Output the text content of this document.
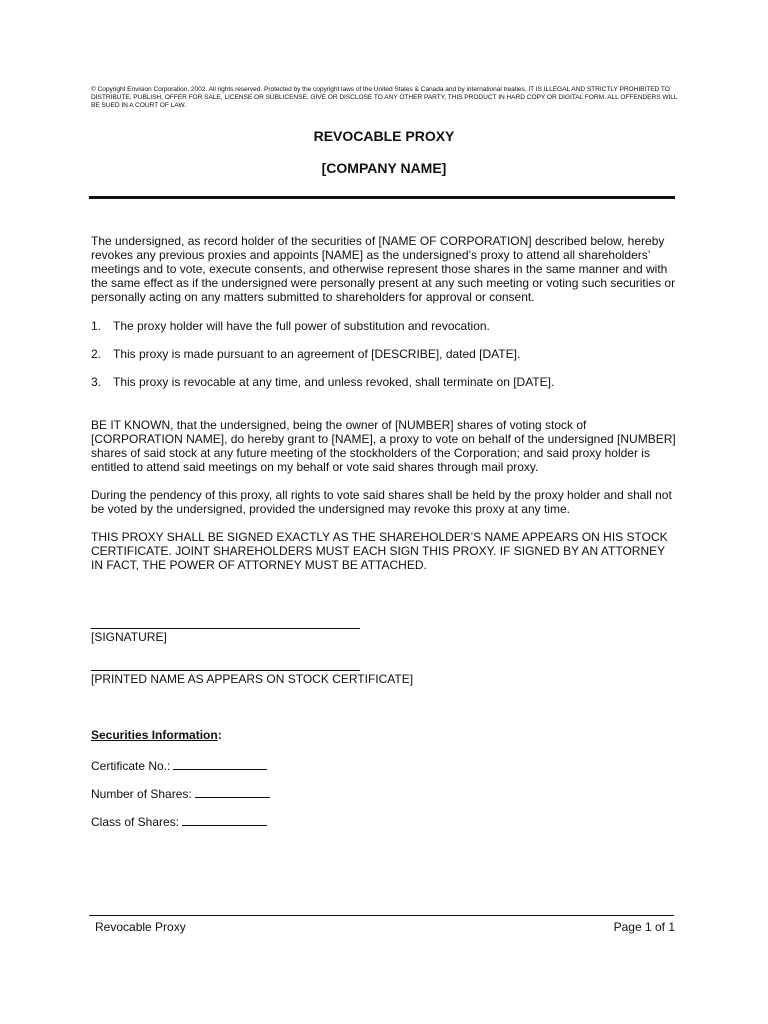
© Copyright Envision Corporation, 2002. All rights reserved. Protected by the copyright laws of the United States & Canada and by international treaties. IT IS ILLEGAL AND STRICTLY PROHIBITED TO DISTRIBUTE, PUBLISH, OFFER FOR SALE, LICENSE OR SUBLICENSE, GIVE OR DISCLOSE TO ANY OTHER PARTY, THIS PRODUCT IN HARD COPY OR DIGITAL FORM. ALL OFFENDERS WILL BE SUED IN A COURT OF LAW.
REVOCABLE PROXY
[COMPANY NAME]
The undersigned, as record holder of the securities of [NAME OF CORPORATION] described below, hereby revokes any previous proxies and appoints [NAME] as the undersigned’s proxy to attend all shareholders’ meetings and to vote, execute consents, and otherwise represent those shares in the same manner and with the same effect as if the undersigned were personally present at any such meeting or voting such securities or personally acting on any matters submitted to shareholders for approval or consent.
1. The proxy holder will have the full power of substitution and revocation.
2. This proxy is made pursuant to an agreement of [DESCRIBE], dated [DATE].
3. This proxy is revocable at any time, and unless revoked, shall terminate on [DATE].
BE IT KNOWN, that the undersigned, being the owner of [NUMBER] shares of voting stock of [CORPORATION NAME], do hereby grant to [NAME], a proxy to vote on behalf of the undersigned [NUMBER] shares of said stock at any future meeting of the stockholders of the Corporation; and said proxy holder is entitled to attend said meetings on my behalf or vote said shares through mail proxy.
During the pendency of this proxy, all rights to vote said shares shall be held by the proxy holder and shall not be voted by the undersigned, provided the undersigned may revoke this proxy at any time.
THIS PROXY SHALL BE SIGNED EXACTLY AS THE SHAREHOLDER’S NAME APPEARS ON HIS STOCK CERTIFICATE. JOINT SHAREHOLDERS MUST EACH SIGN THIS PROXY. IF SIGNED BY AN ATTORNEY IN FACT, THE POWER OF ATTORNEY MUST BE ATTACHED.
[SIGNATURE]
[PRINTED NAME AS APPEARS ON STOCK CERTIFICATE]
Securities Information:
Certificate No.:
Number of Shares:
Class of Shares:
Revocable Proxy	Page 1 of 1
